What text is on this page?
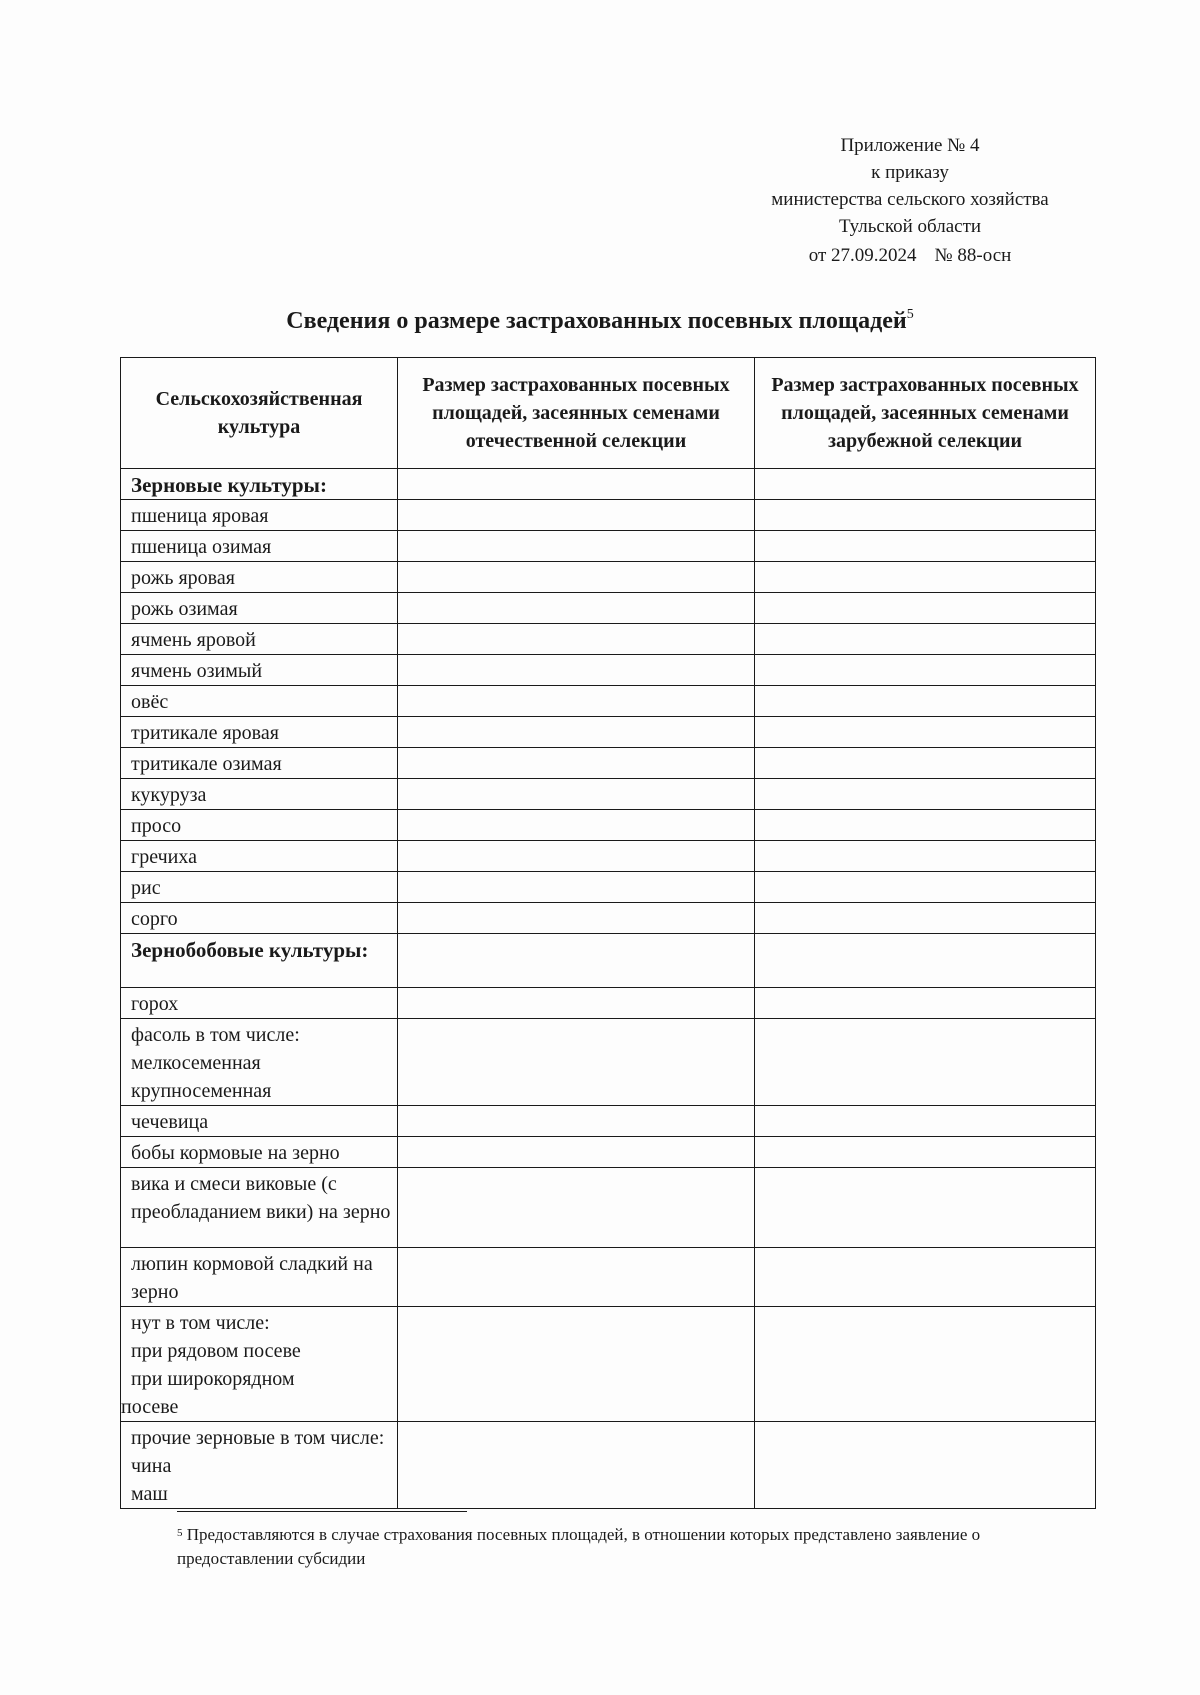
Приложение № 4
к приказу
министерства сельского хозяйства
Тульской области
от 27.09.2024 № 88-осн
Сведения о размере застрахованных посевных площадей$^5$
Сельскохозяйственная культура	Размер застрахованных посевных площадей, засеянных семенами отечественной селекции	Размер застрахованных посевных площадей, засеянных семенами зарубежной селекции

Зерновые культуры:		

пшеница яровая		

пшеница озимая		

рожь яровая		

рожь озимая		

ячмень яровой		

ячмень озимый		

овёс		

тритикале яровая		

тритикале озимая		

кукуруза		

просо		

гречиха		

рис		

сорго		

Зернобобовые культуры:		

горох		

фасоль в том числе:
мелкосеменная
крупносеменная		

чечевица		

бобы кормовые на зерно		

вика и смеси виковые (с преобладанием вики) на зерно		

люпин кормовой сладкий на зерно		

нут в том числе:
при рядовом посеве
при широкорядном
посеве		

прочие зерновые в том числе: чина
маш		

$^5$ Предоставляются в случае страхования посевных площадей, в отношении которых представлено заявление о предоставлении субсидии
